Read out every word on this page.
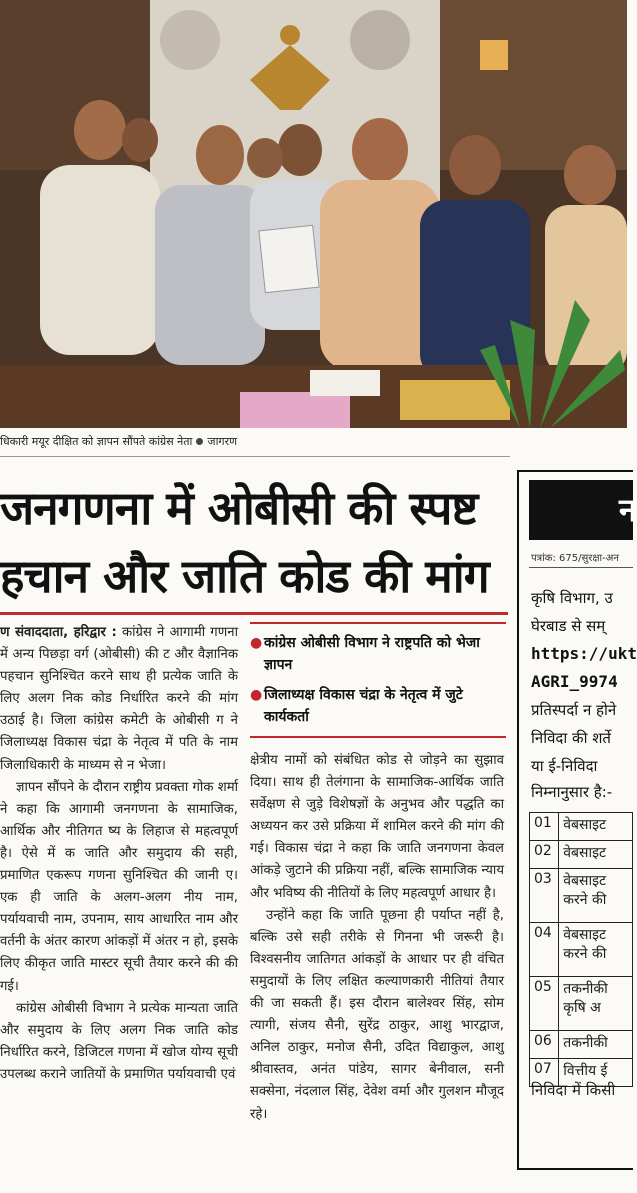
धिकारी मयूर दीक्षित को ज्ञापन सौंपते कांग्रेस नेता जागरण
जनगणना में ओबीसी की स्पष्ट
हचान और जाति कोड की मांग

ण संवाददाता, हरिद्वार : कांग्रेस ने आगामी गणना में अन्य पिछड़ा वर्ग (ओबीसी) की ट और वैज्ञानिक पहचान सुनिश्चित करने साथ ही प्रत्येक जाति के लिए अलग निक कोड निर्धारित करने की मांग उठाई है। जिला कांग्रेस कमेटी के ओबीसी ग ने जिलाध्यक्ष विकास चंद्रा के नेतृत्व में पति के नाम जिलाधिकारी के माध्यम से न भेजा।

ज्ञापन सौंपने के दौरान राष्ट्रीय प्रवक्ता गोक शर्मा ने कहा कि आगामी जनगणना के सामाजिक, आर्थिक और नीतिगत ष्य के लिहाज से महत्वपूर्ण है। ऐसे में क जाति और समुदाय की सही, प्रमाणित एकरूप गणना सुनिश्चित की जानी ए। एक ही जाति के अलग-अलग नीय नाम, पर्यायवाची नाम, उपनाम, साय आधारित नाम और वर्तनी के अंतर कारण आंकड़ों में अंतर न हो, इसके लिए कीकृत जाति मास्टर सूची तैयार करने की की गई।

कांग्रेस ओबीसी विभाग ने प्रत्येक मान्यता जाति और समुदाय के लिए अलग निक जाति कोड निर्धारित करने, डिजिटल गणना में खोज योग्य सूची उपलब्ध कराने जातियों के प्रमाणित पर्यायवाची एवं

● कांग्रेस ओबीसी विभाग ने राष्ट्रपति को भेजा ज्ञापन
● जिलाध्यक्ष विकास चंद्रा के नेतृत्व में जुटे कार्यकर्ता

क्षेत्रीय नामों को संबंधित कोड से जोड़ने का सुझाव दिया। साथ ही तेलंगाना के सामाजिक-आर्थिक जाति सर्वेक्षण से जुड़े विशेषज्ञों के अनुभव और पद्धति का अध्ययन कर उसे प्रक्रिया में शामिल करने की मांग की गई। विकास चंद्रा ने कहा कि जाति जनगणना केवल आंकड़े जुटाने की प्रक्रिया नहीं, बल्कि सामाजिक न्याय और भविष्य की नीतियों के लिए महत्वपूर्ण आधार है।

उन्होंने कहा कि जाति पूछना ही पर्याप्त नहीं है, बल्कि उसे सही तरीके से गिनना भी जरूरी है। विश्वसनीय जातिगत आंकड़ों के आधार पर ही वंचित समुदायों के लिए लक्षित कल्याणकारी नीतियां तैयार की जा सकती हैं। इस दौरान बालेश्वर सिंह, सोम त्यागी, संजय सैनी, सुरेंद्र ठाकुर, आशु भारद्वाज, अनिल ठाकुर, मनोज सैनी, उदित विद्याकुल, आशु श्रीवास्तव, अनंत पांडेय, सागर बेनीवाल, सनी सक्सेना, नंदलाल सिंह, देवेश वर्मा और गुलशन मौजूद रहे।

न
पत्रांक: 675/सुरक्षा-अन
कृषि विभाग, उ
घेरबाड से सम्
https://ukt
AGRI_9974
प्रतिस्पर्दा न होने
निविदा की शर्ते
या ई-निविदा
निम्नानुसार है:-
01	वेबसाइट
02	वेबसाइट
03	वेबसाइट
करने की
04	वेबसाइट
करने की
05	तकनीकी
कृषि अ
06	तकनीकी
07	वित्तीय ई
निविदा में किसी
